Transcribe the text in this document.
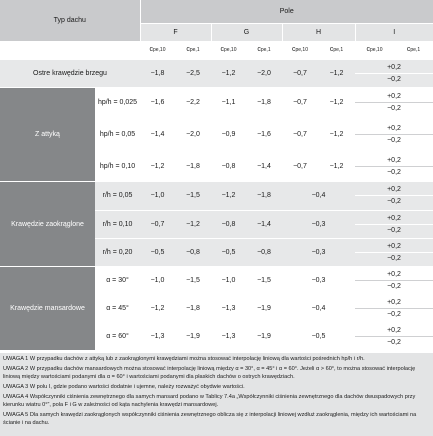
Typ dachu		Pole							
		F		G		H		I	
		cpe,10	cpe,1	cpe,10	cpe,1	cpe,10	cpe,1	cpe,10	cpe,1
Ostre krawędzie brzegu		−1,8	−2,5	−1,2	−2,0	−0,7	−1,2	+0,2
−0,2	

Z attyką	hp/h = 0,025	−1,6	−2,2	−1,1	−1,8	−0,7	−1,2	+0,2
−0,2	

	hp/h = 0,05	−1,4	−2,0	−0,9	−1,6	−0,7	−1,2	+0,2
−0,2	

	hp/h = 0,10	−1,2	−1,8	−0,8	−1,4	−0,7	−1,2	+0,2
−0,2	

Krawędzie zaokrąglone	r/h = 0,05	−1,0	−1,5	−1,2	−1,8	−0,4		+0,2
−0,2	

	r/h = 0,10	−0,7	−1,2	−0,8	−1,4	−0,3		+0,2
−0,2	

	r/h = 0,20	−0,5	−0,8	−0,5	−0,8	−0,3		+0,2
−0,2	

Krawędzie mansardowe	α = 30°	−1,0	−1,5	−1,0	−1,5	−0,3		+0,2
−0,2	

	α = 45°	−1,2	−1,8	−1,3	−1,9	−0,4		+0,2
−0,2	

	α = 60°	−1,3	−1,9	−1,3	−1,9	−0,5		+0,2
−0,2	

UWAGA 1 W przypadku dachów z attyką lub z zaokrąglonymi krawędziami można stosować interpolację liniową dla wartości pośrednich hp/h i r/h.

UWAGA 2 W przypadku dachów mansardowych można stosować interpolację liniową między α = 30°, α = 45° i α = 60°. Jeżeli α > 60°, to można stosować interpolację liniową między wartościami podanymi dla α = 60° i wartościami podanymi dla płaskich dachów o ostrych krawędziach.

UWAGA 3 W polu I, gdzie podano wartości dodatnie i ujemne, należy rozważyć obydwie wartości.

UWAGA 4 Współczynniki ciśnienia zewnętrznego dla samych mansard podano w Tablicy 7.4a „Współczynniki ciśnienia zewnętrznego dla dachów dwuspadowych przy kierunku wiatru 0°”, pola F i G w zależności od kąta nachylenia krawędzi mansardowej.

UWAGA 5 Dla samych krawędzi zaokrąglonych współczynniki ciśnienia zewnętrznego oblicza się z interpolacji liniowej wzdłuż zaokrąglenia, między ich wartościami na ścianie i na dachu.
